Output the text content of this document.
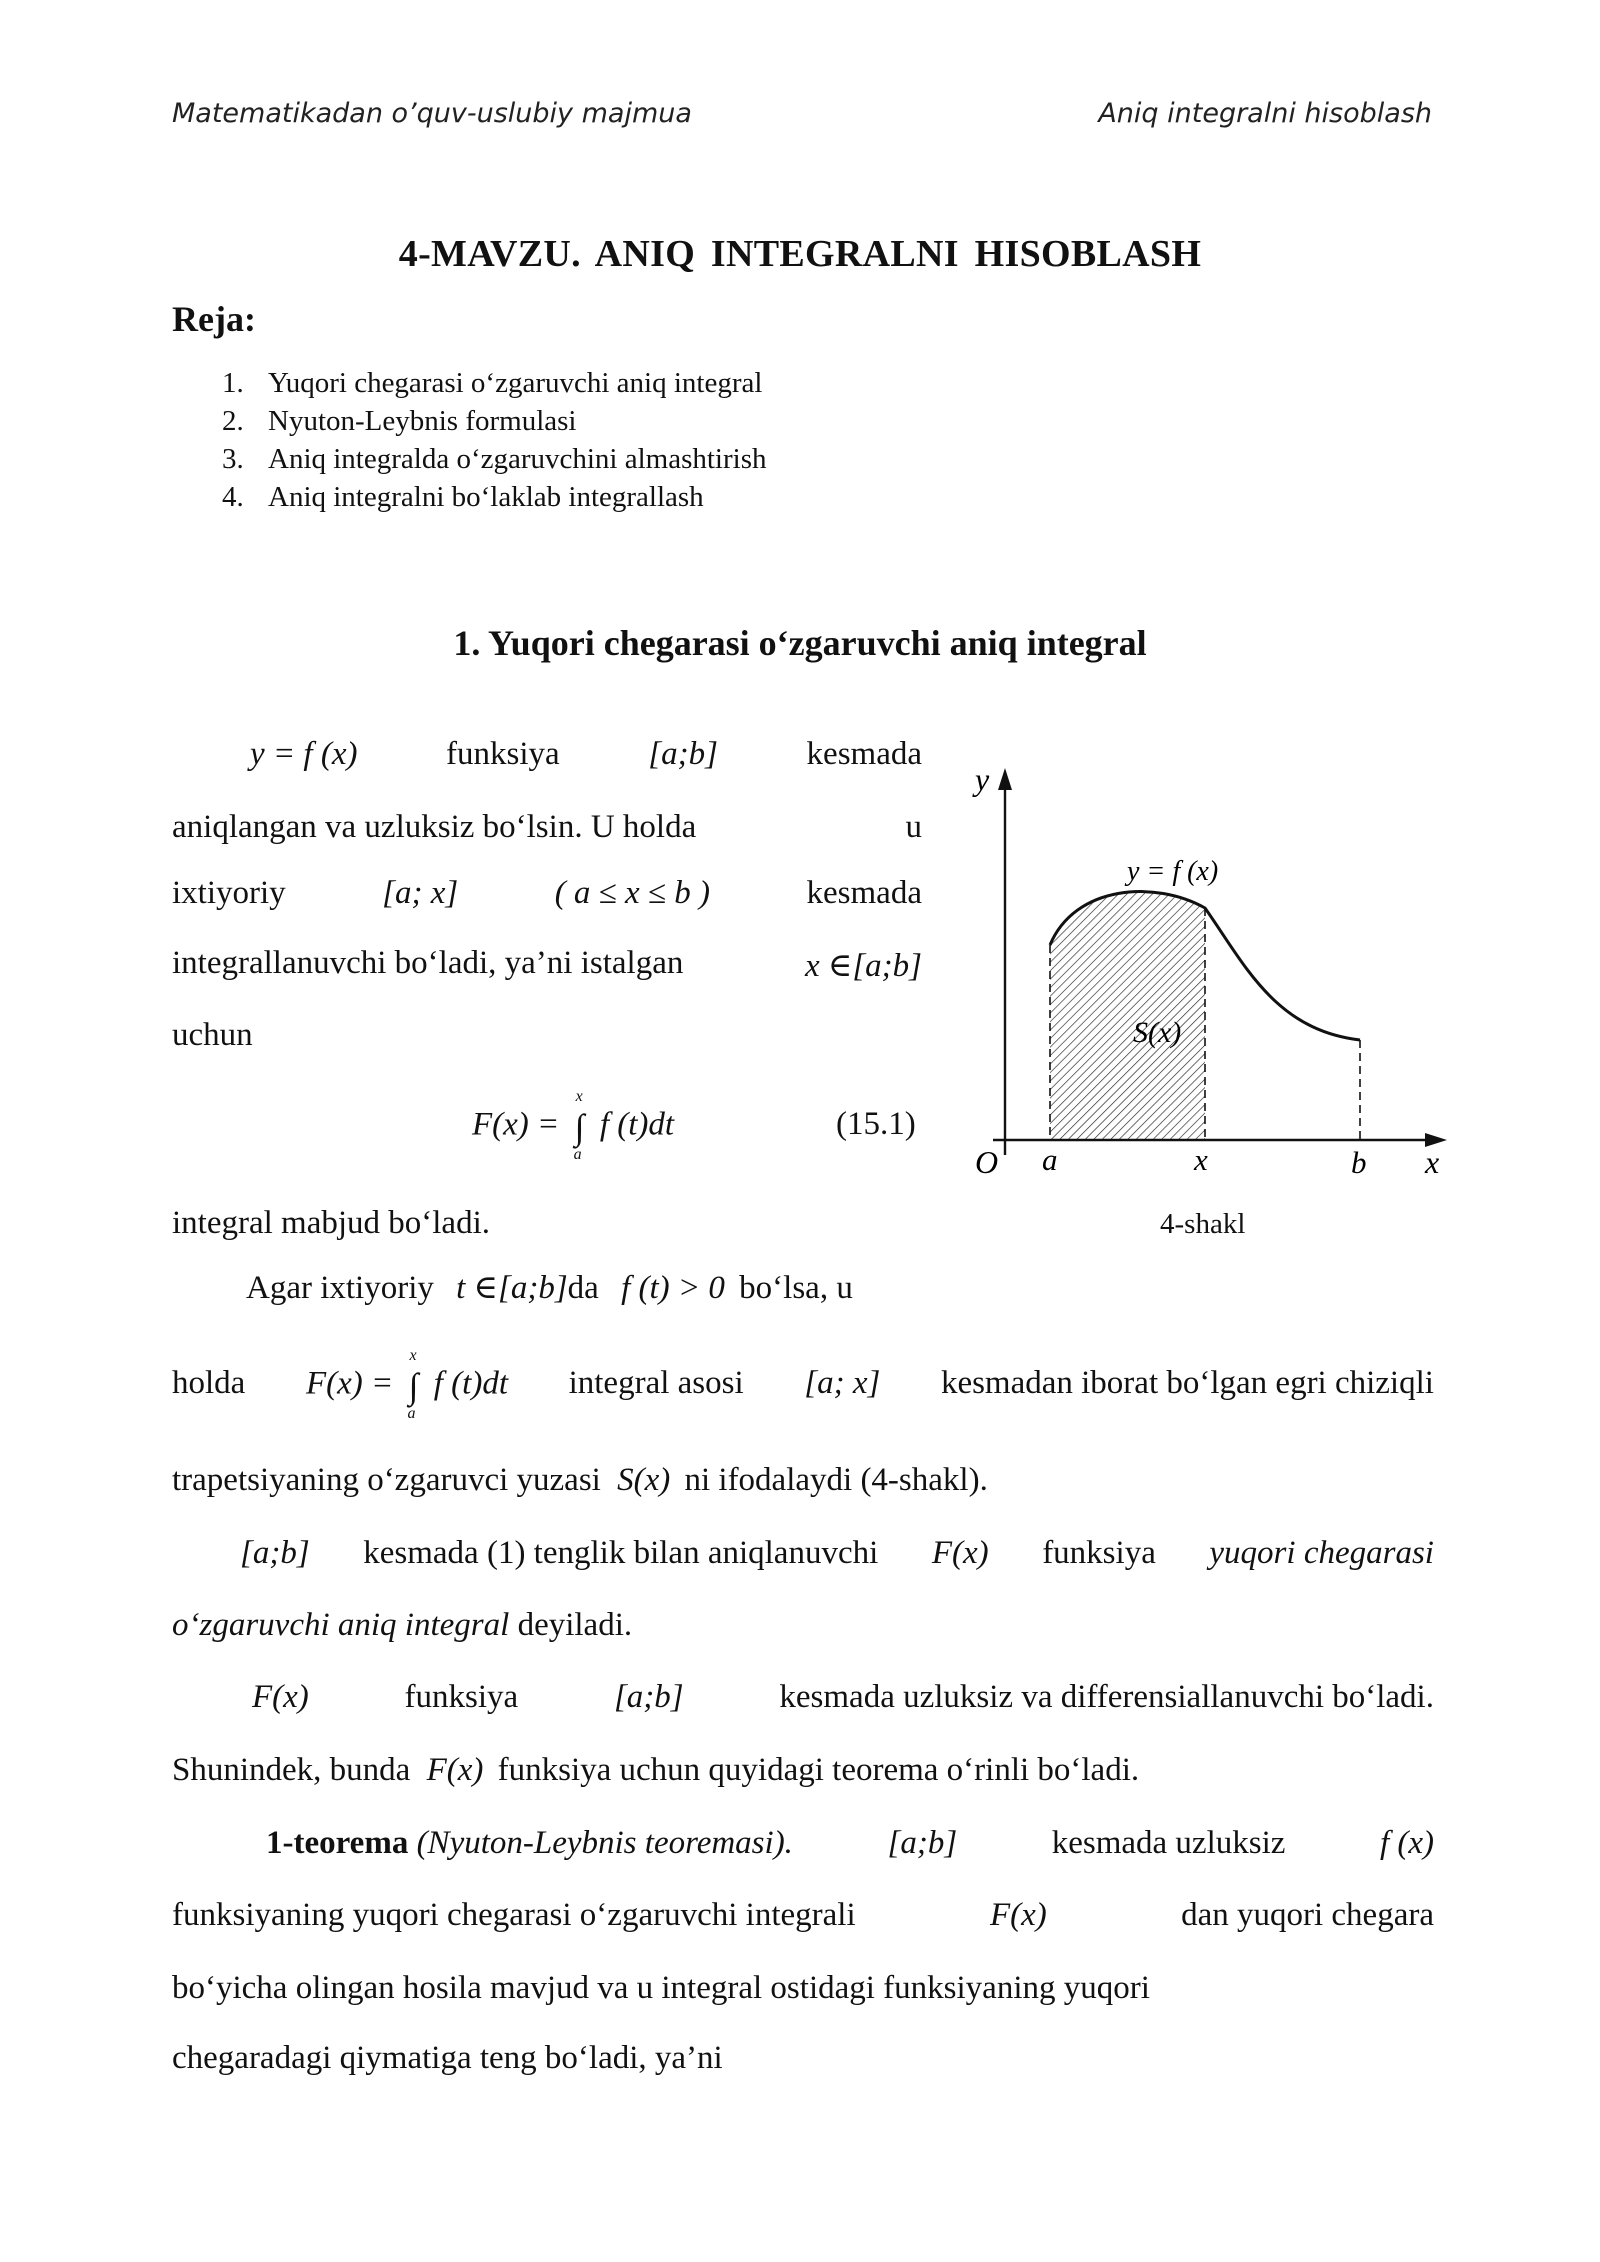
Matematikadan o’quv-uslubiy majmua	Aniq integralni hisoblash
4-MAVZU. ANIQ INTEGRALNI HISOBLASH
Reja:
1. Yuqori chegarasi o‘zgaruvchi aniq integral
2. Nyuton-Leybnis formulasi
3. Aniq integralda o‘zgaruvchini almashtirish
4. Aniq integralni bo‘laklab integrallash
1. Yuqori chegarasi o‘zgaruvchi aniq integral
y = f (x)	funksiya	[a;b]	kesmada
aniqlangan va uzluksiz bo‘lsin. U holda	u
ixtiyoriy	[a; x]	( a ≤ x ≤ b )	kesmada
integrallanuvchi bo‘ladi, ya’ni istalgan	x ∈[a;b]
uchun
F(x) =
x
∫
a
f (t)dt	(15.1)
integral mabjud bo‘ladi.
Agar ixtiyoriy t ∈[a;b]da f (t) > 0 bo‘lsa, u
holda F(x) =
x
∫
a
f (t)dt integral asosi [a; x] kesmadan iborat bo‘lgan egri chiziqli
trapetsiyaning o‘zgaruvci yuzasi S(x) ni ifodalaydi (4-shakl).
[a;b] kesmada (1) tenglik bilan aniqlanuvchi F(x) funksiya yuqori chegarasi
o‘zgaruvchi aniq integral deyiladi.
F(x)	funksiya	[a;b]	kesmada uzluksiz va differensiallanuvchi bo‘ladi.
Shunindek, bunda F(x) funksiya uchun quyidagi teorema o‘rinli bo‘ladi.
1-teorema (Nyuton-Leybnis teoremasi).	[a;b]	kesmada uzluksiz	f (x)
funksiyaning yuqori chegarasi o‘zgaruvchi integrali	F(x)	dan yuqori chegara
bo‘yicha olingan hosila mavjud va u integral ostidagi funksiyaning yuqori
chegaradagi qiymatiga teng bo‘ladi, ya’ni
y
x
O a	x	b
y = f (x)
S(x)
4-shakl
